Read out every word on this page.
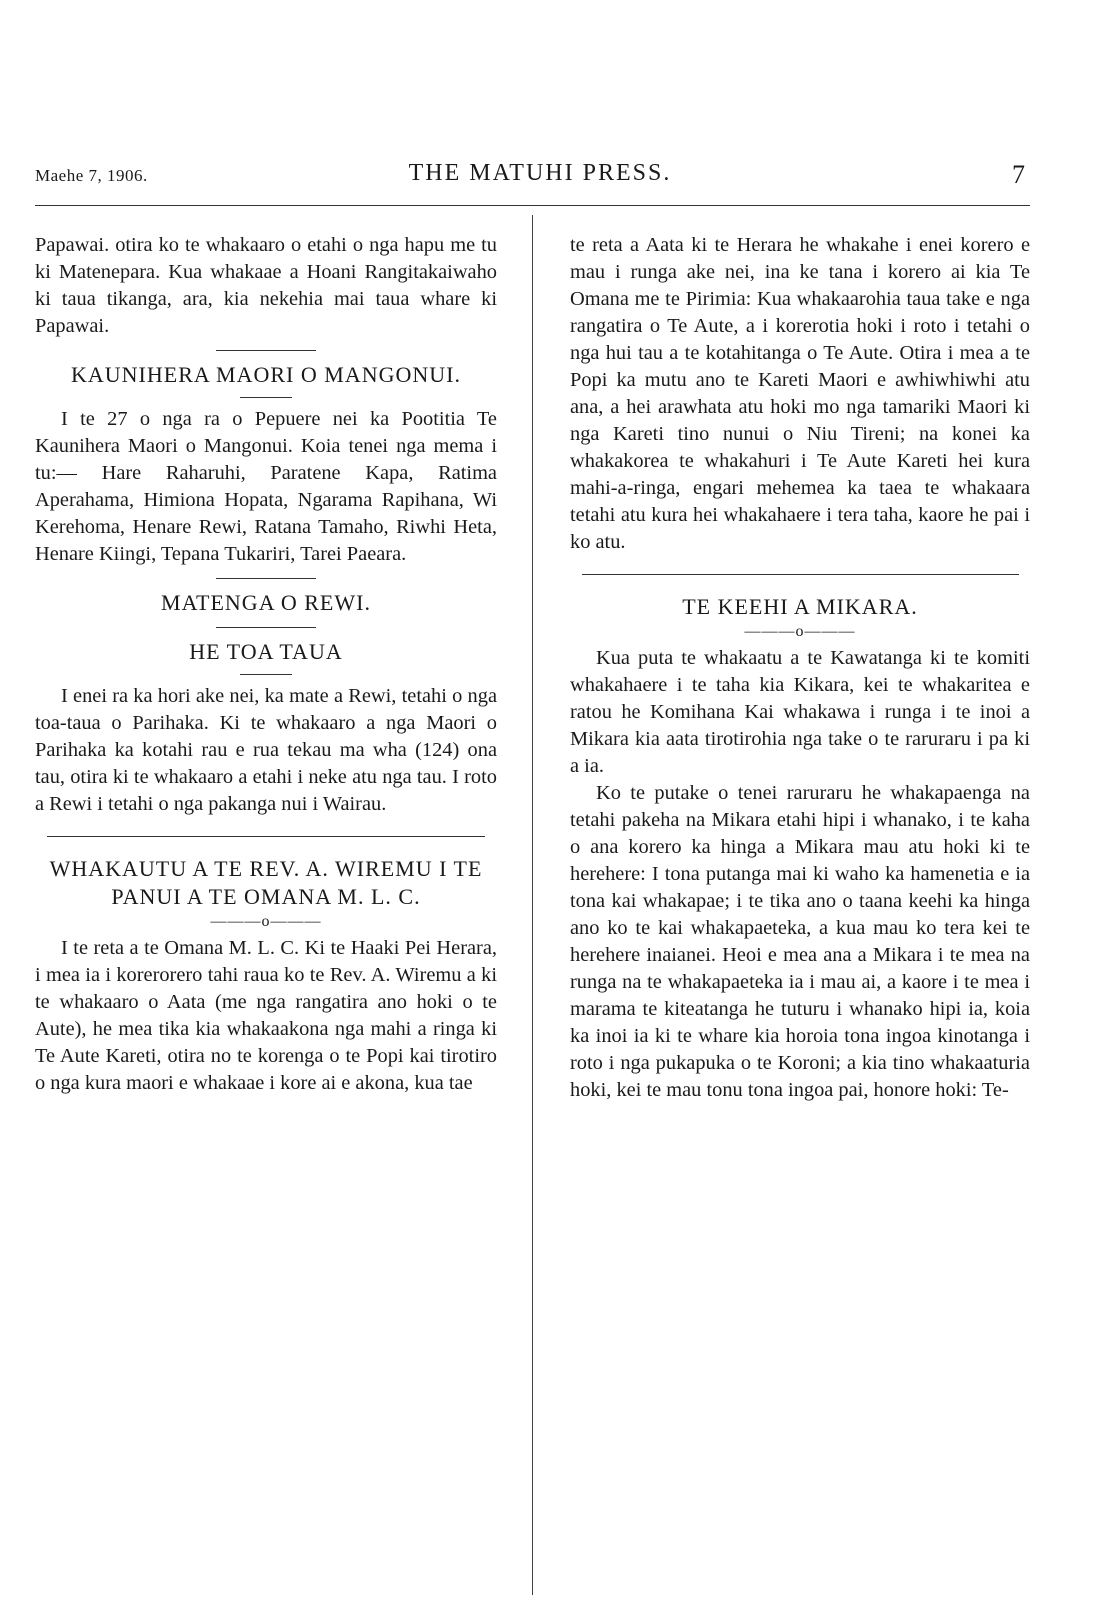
Maehe 7, 1906.	THE MATUHI PRESS.	7

Papawai. otira ko te whakaaro o etahi o nga hapu me tu ki Matenepara. Kua whakaae a Hoani Rangitakaiwaho ki taua tikanga, ara, kia nekehia mai taua whare ki Papawai.

KAUNIHERA MAORI O MANGONUI.

I te 27 o nga ra o Pepuere nei ka Pootitia Te Kaunihera Maori o Mangonui. Koia tenei nga mema i tu:— Hare Raharuhi, Paratene Kapa, Ratima Aperahama, Himiona Hopata, Ngarama Rapihana, Wi Kerehoma, Henare Rewi, Ratana Tamaho, Riwhi Heta, Henare Kiingi, Tepana Tukariri, Tarei Paeara.

MATENGA O REWI.
HE TOA TAUA

I enei ra ka hori ake nei, ka mate a Rewi, tetahi o nga toa-taua o Parihaka. Ki te whakaaro a nga Maori o Parihaka ka kotahi rau e rua tekau ma wha (124) ona tau, otira ki te whakaaro a etahi i neke atu nga tau. I roto a Rewi i tetahi o nga pakanga nui i Wairau.

WHAKAUTU A TE REV. A. WIREMU I TE PANUI A TE OMANA M. L. C.
———o———

I te reta a te Omana M. L. C. Ki te Haaki Pei Herara, i mea ia i korerorero tahi raua ko te Rev. A. Wiremu a ki te whakaaro o Aata (me nga rangatira ano hoki o te Aute), he mea tika kia whakaakona nga mahi a ringa ki Te Aute Kareti, otira no te korenga o te Popi kai tirotiro o nga kura maori e whakaae i kore ai e akona, kua tae

te reta a Aata ki te Herara he whakahe i enei korero e mau i runga ake nei, ina ke tana i korero ai kia Te Omana me te Pirimia: Kua whakaarohia taua take e nga rangatira o Te Aute, a i korerotia hoki i roto i tetahi o nga hui tau a te kotahitanga o Te Aute. Otira i mea a te Popi ka mutu ano te Kareti Maori e awhiwhiwhi atu ana, a hei arawhata atu hoki mo nga tamariki Maori ki nga Kareti tino nunui o Niu Tireni; na konei ka whakakorea te whakahuri i Te Aute Kareti hei kura mahi-a-ringa, engari mehemea ka taea te whakaara tetahi atu kura hei whakahaere i tera taha, kaore he pai i ko atu.

TE KEEHI A MIKARA.
———o———

Kua puta te whakaatu a te Kawatanga ki te komiti whakahaere i te taha kia Kikara, kei te whakaritea e ratou he Komihana Kai whakawa i runga i te inoi a Mikara kia aata tirotirohia nga take o te raruraru i pa ki a ia.

Ko te putake o tenei raruraru he whakapaenga na tetahi pakeha na Mikara etahi hipi i whanako, i te kaha o ana korero ka hinga a Mikara mau atu hoki ki te herehere: I tona putanga mai ki waho ka hamenetia e ia tona kai whakapae; i te tika ano o taana keehi ka hinga ano ko te kai whakapaeteka, a kua mau ko tera kei te herehere inaianei. Heoi e mea ana a Mikara i te mea na runga na te whakapaeteka ia i mau ai, a kaore i te mea i marama te kiteatanga he tuturu i whanako hipi ia, koia ka inoi ia ki te whare kia horoia tona ingoa kinotanga i roto i nga pukapuka o te Koroni; a kia tino whakaaturia hoki, kei te mau tonu tona ingoa pai, honore hoki: Te-
